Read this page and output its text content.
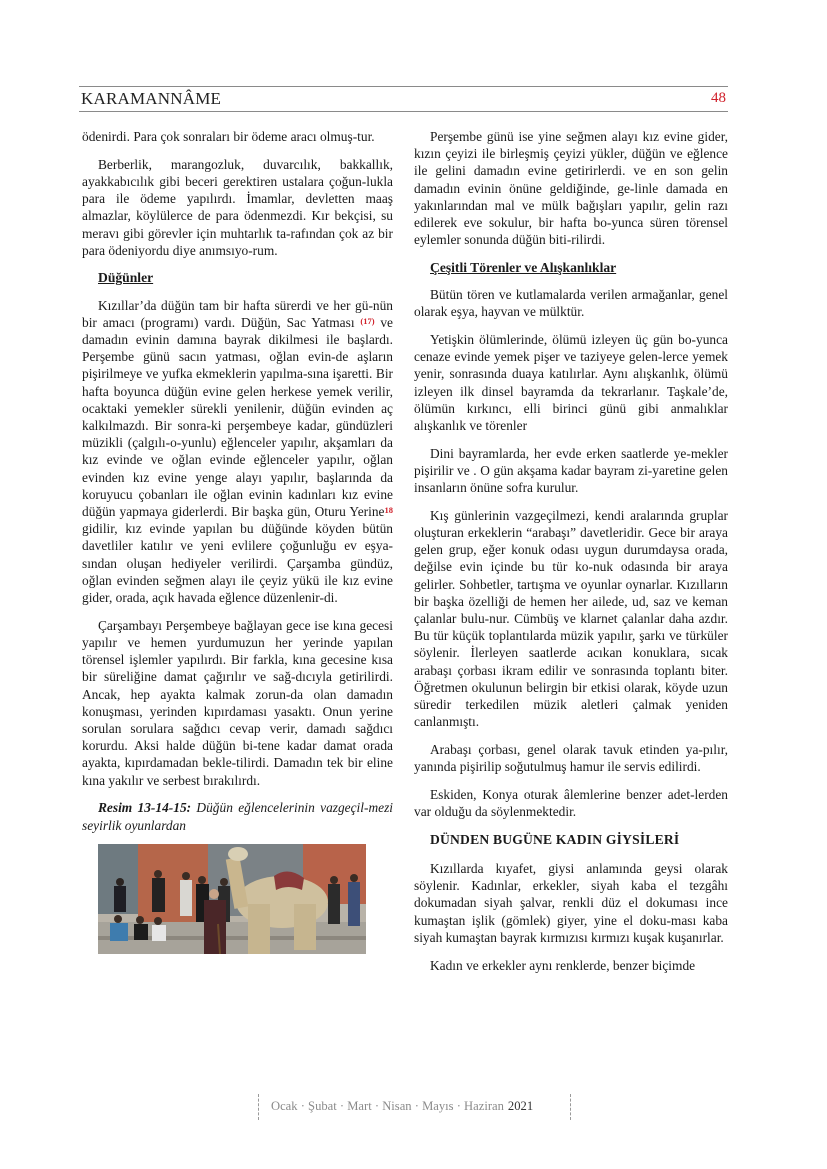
KARAMANNÂME	48

ödenirdi. Para çok sonraları bir ödeme aracı olmuş-tur.

Berberlik, marangozluk, duvarcılık, bakkallık, ayakkabıcılık gibi beceri gerektiren ustalara çoğun-lukla para ile ödeme yapılırdı. İmamlar, devletten maaş almazlar, köylülerce de para ödenmezdi. Kır bekçisi, su meravı gibi görevler için muhtarlık ta-rafından çok az bir para ödeniyordu diye anımsıyo-rum.

Düğünler

Kızıllar’da düğün tam bir hafta sürerdi ve her gü-nün bir amacı (programı) vardı. Düğün, Sac Yatması $^{(17)}$ ve damadın evinin damına bayrak dikilmesi ile başlardı. Perşembe günü sacın yatması, oğlan evin-de aşların pişirilmeye ve yufka ekmeklerin yapılma-sına işaretti. Bir hafta boyunca düğün evine gelen herkese yemek verilir, ocaktaki yemekler sürekli yenilenir, düğün evinden aç kalkılmazdı. Bir sonra-ki perşembeye kadar, gündüzleri müzikli (çalgılı-o-yunlu) eğlenceler yapılır, akşamları da kız evinde ve oğlan evinde eğlenceler yapılır, oğlan evinden kız evine yenge alayı yapılır, başlarında da koruyucu çobanları ile oğlan evinin kadınları kız evine düğün yapmaya giderlerdi. Bir başka gün, Oturu Yerine$^{18}$ gidilir, kız evinde yapılan bu düğünde köyden bütün davetliler katılır ve yeni evlilere çoğunluğu ev eşya-sından oluşan hediyeler verilirdi. Çarşamba gündüz, oğlan evinden seğmen alayı ile çeyiz yükü ile kız evine gider, orada, açık havada eğlence düzenlenir-di.

Çarşambayı Perşembeye bağlayan gece ise kına gecesi yapılır ve hemen yurdumuzun her yerinde yapılan törensel işlemler yapılırdı. Bir farkla, kına gecesine kısa bir süreliğine damat çağırılır ve sağ-dıcıyla getirilirdi. Ancak, hep ayakta kalmak zorun-da olan damadın konuşması, yerinden kıpırdaması yasaktı. Onun yerine sorulan sorulara sağdıcı cevap verir, damadı sağdıcı korurdu. Aksi halde düğün bi-tene kadar damat orada ayakta, kıpırdamadan bekle-tilirdi. Damadın tek bir eline kına yakılır ve serbest bırakılırdı.

Resim 13-14-15: Düğün eğlencelerinin vazgeçil-mezi seyirlik oyunlardan

Perşembe günü ise yine seğmen alayı kız evine gider, kızın çeyizi ile birleşmiş çeyizi yükler, düğün ve eğlence ile gelini damadın evine getirirlerdi. ve en son gelin damadın evinin önüne geldiğinde, ge-linle damada en yakınlarından mal ve mülk bağışları yapılır, gelin razı edilerek eve sokulur, bir hafta bo-yunca süren törensel eylemler sonunda düğün biti-rilirdi.

Çeşitli Törenler ve Alışkanlıklar

Bütün tören ve kutlamalarda verilen armağanlar, genel olarak eşya, hayvan ve mülktür.

Yetişkin ölümlerinde, ölümü izleyen üç gün bo-yunca cenaze evinde yemek pişer ve taziyeye gelen-lerce yemek yenir, sonrasında duaya katılırlar. Aynı alışkanlık, ölümü izleyen ilk dinsel bayramda da tekrarlanır. Taşkale’de, ölümün kırkıncı, elli birinci günü gibi anmalıklar alışkanlık ve törenler

Dini bayramlarda, her evde erken saatlerde ye-mekler pişirilir ve . O gün akşama kadar bayram zi-yaretine gelen insanların önüne sofra kurulur.

Kış günlerinin vazgeçilmezi, kendi aralarında gruplar oluşturan erkeklerin “arabaşı” davetleridir. Gece bir araya gelen grup, eğer konuk odası uygun durumdaysa orada, değilse evin içinde bu tür ko-nuk odasında bir araya gelirler. Sohbetler, tartışma ve oyunlar oynarlar. Kızılların bir başka özelliği de hemen her ailede, ud, saz ve keman çalanlar bulu-nur. Cümbüş ve klarnet çalanlar daha azdır. Bu tür küçük toplantılarda müzik yapılır, şarkı ve türküler söylenir. İlerleyen saatlerde acıkan konuklara, sıcak arabaşı çorbası ikram edilir ve sonrasında toplantı biter. Öğretmen okulunun belirgin bir etkisi olarak, köyde uzun süredir terkedilen müzik aletleri çalmak yeniden canlanmıştı.

Arabaşı çorbası, genel olarak tavuk etinden ya-pılır, yanında pişirilip soğutulmuş hamur ile servis edilirdi.

Eskiden, Konya oturak âlemlerine benzer adet-lerden var olduğu da söylenmektedir.

DÜNDEN BUGÜNE KADIN GİYSİLERİ

Kızıllarda kıyafet, giysi anlamında geysi olarak söylenir. Kadınlar, erkekler, siyah kaba el tezgâhı dokumadan siyah şalvar, renkli düz el dokuması ince kumaştan işlik (gömlek) giyer, yine el doku-ması kaba siyah kumaştan bayrak kırmızısı kırmızı kuşak kuşanırlar.

Kadın ve erkekler aynı renklerde, benzer biçimde

Ocak · Şubat · Mart · Nisan · Mayıs · Haziran 2021
